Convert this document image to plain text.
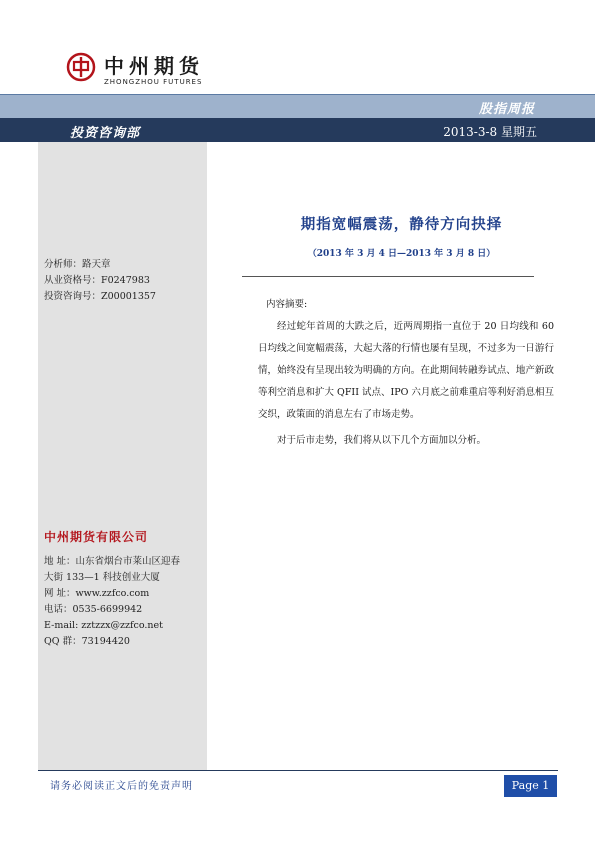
中州期货
ZHONGZHOU FUTURES
股指周报
投资咨询部	2013-3-8 星期五
分析师：路天章
从业资格号：F0247983
投资咨询号：Z00001357
中州期货有限公司
地 址：山东省烟台市莱山区迎春
大街 133—1 科技创业大厦
网 址：www.zzfco.com
电话：0535-6699942
E-mail: zztzzx@zzfco.net
QQ 群：73194420
期指宽幅震荡，静待方向抉择
（2013 年 3 月 4 日—2013 年 3 月 8 日）
内容摘要:

经过蛇年首周的大跌之后，近两周期指一直位于 20 日均线和 60 日均线之间宽幅震荡，大起大落的行情也屡有呈现，不过多为一日游行情，始终没有呈现出较为明确的方向。在此期间转融券试点、地产新政等利空消息和扩大 QFII 试点、IPO 六月底之前难重启等利好消息相互交织，政策面的消息左右了市场走势。

对于后市走势，我们将从以下几个方面加以分析。

请务必阅读正文后的免责声明	Page 1
